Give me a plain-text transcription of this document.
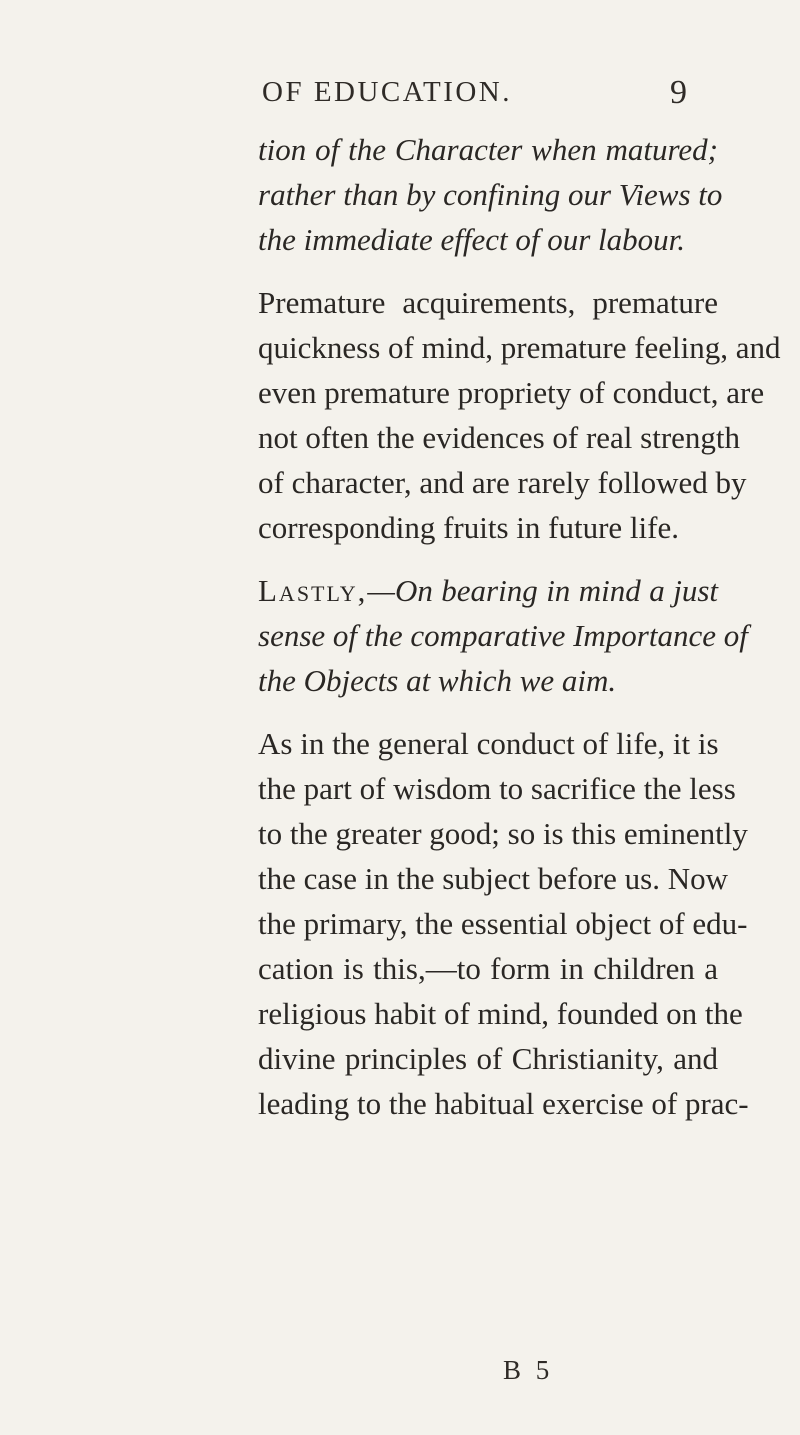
OF EDUCATION.	9
tion of the Character when matured;
rather than by confining our Views to
the immediate effect of our labour.
Premature acquirements, premature
quickness of mind, premature feeling, and
even premature propriety of conduct, are
not often the evidences of real strength
of character, and are rarely followed by
corresponding fruits in future life.
Lastly,—On bearing in mind a just
sense of the comparative Importance of
the Objects at which we aim.
As in the general conduct of life, it is
the part of wisdom to sacrifice the less
to the greater good; so is this eminently
the case in the subject before us. Now
the primary, the essential object of edu-
cation is this,—to form in children a
religious habit of mind, founded on the
divine principles of Christianity, and
leading to the habitual exercise of prac-
B 5
